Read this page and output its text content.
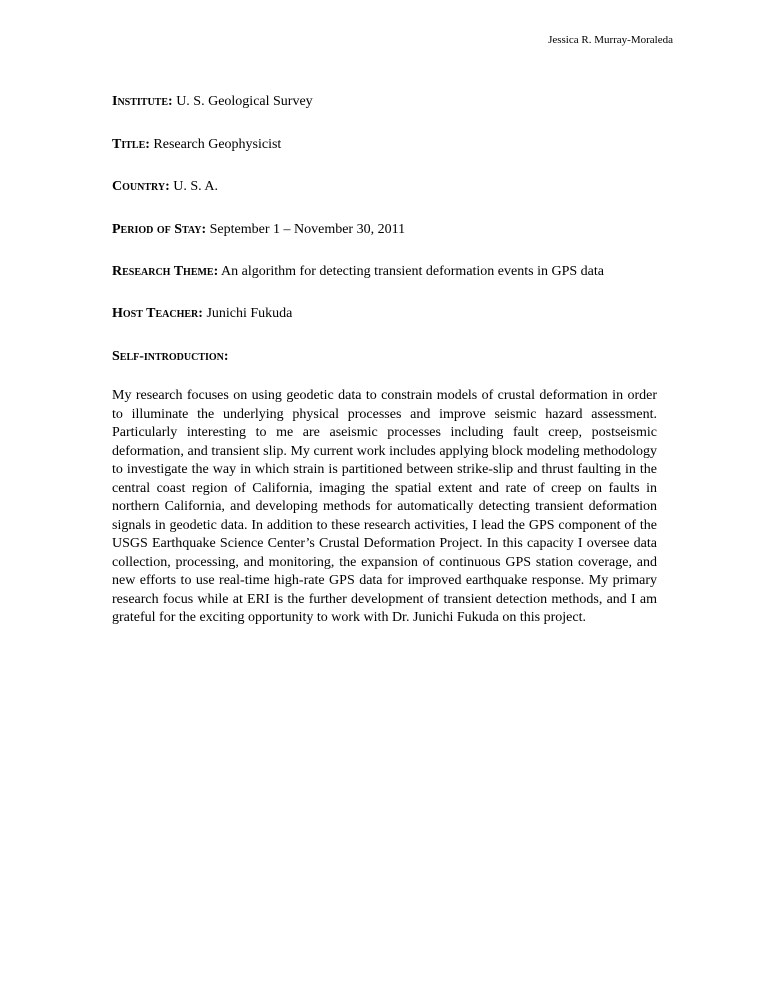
Jessica R. Murray-Moraleda
Institute: U. S. Geological Survey
Title: Research Geophysicist
Country: U. S. A.
Period of Stay: September 1 – November 30, 2011
Research Theme: An algorithm for detecting transient deformation events in GPS data
Host Teacher: Junichi Fukuda
Self-introduction:

My research focuses on using geodetic data to constrain models of crustal deformation in order to illuminate the underlying physical processes and improve seismic hazard assessment. Particularly interesting to me are aseismic processes including fault creep, postseismic deformation, and transient slip. My current work includes applying block modeling methodology to investigate the way in which strain is partitioned between strike-slip and thrust faulting in the central coast region of California, imaging the spatial extent and rate of creep on faults in northern California, and developing methods for automatically detecting transient deformation signals in geodetic data. In addition to these research activities, I lead the GPS component of the USGS Earthquake Science Center’s Crustal Deformation Project. In this capacity I oversee data collection, processing, and monitoring, the expansion of continuous GPS station coverage, and new efforts to use real-time high-rate GPS data for improved earthquake response. My primary research focus while at ERI is the further development of transient detection methods, and I am grateful for the exciting opportunity to work with Dr. Junichi Fukuda on this project.
